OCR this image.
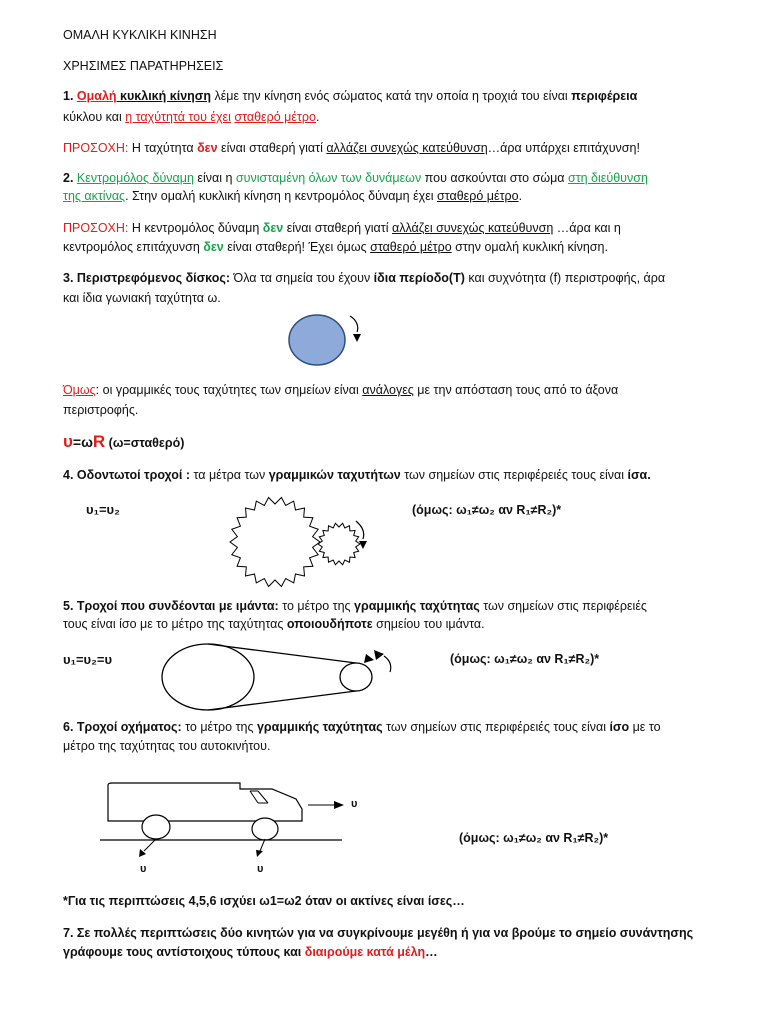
ΟΜΑΛΗ ΚΥΚΛΙΚΗ ΚΙΝΗΣΗ
ΧΡΗΣΙΜΕΣ ΠΑΡΑΤΗΡΗΣΕΙΣ
1. Ομαλή κυκλική κίνηση λέμε την κίνηση ενός σώματος κατά την οποία η τροχιά του είναι περιφέρεια
κύκλου και η ταχύτητά του έχει σταθερό μέτρο.
ΠΡΟΣΟΧΗ: Η ταχύτητα δεν είναι σταθερή γιατί αλλάζει συνεχώς κατεύθυνση…άρα υπάρχει επιτάχυνση!
2. Κεντρομόλος δύναμη είναι η συνισταμένη όλων των δυνάμεων που ασκούνται στο σώμα στη διεύθυνση
της ακτίνας. Στην ομαλή κυκλική κίνηση η κεντρομόλος δύναμη έχει σταθερό μέτρο.
ΠΡΟΣΟΧΗ: Η κεντρομόλος δύναμη δεν είναι σταθερή γιατί αλλάζει συνεχώς κατεύθυνση …άρα και η
κεντρομόλος επιτάχυνση δεν είναι σταθερή! Έχει όμως σταθερό μέτρο στην ομαλή κυκλική κίνηση.
3. Περιστρεφόμενος δίσκος: Όλα τα σημεία του έχουν ίδια περίοδο(Τ) και συχνότητα (f) περιστροφής, άρα
και ίδια γωνιακή ταχύτητα ω.
Όμως: οι γραμμικές τους ταχύτητες των σημείων είναι ανάλογες με την απόσταση τους από το άξονα
περιστροφής.
υ=ωR (ω=σταθερό)
4. Οδοντωτοί τροχοί : τα μέτρα των γραμμικών ταχυτήτων των σημείων στις περιφέρειές τους είναι ίσα.
υ₁=υ₂	(όμως: ω₁≠ω₂ αν R₁≠R₂)*
5. Τροχοί που συνδέονται με ιμάντα: το μέτρο της γραμμικής ταχύτητας των σημείων στις περιφέρειές
τους είναι ίσο με το μέτρο της ταχύτητας οποιουδήποτε σημείου του ιμάντα.
υ₁=υ₂=υ	(όμως: ω₁≠ω₂ αν R₁≠R₂)*
6. Τροχοί οχήματος: το μέτρο της γραμμικής ταχύτητας των σημείων στις περιφέρειές τους είναι ίσο με το
μέτρο της ταχύτητας του αυτοκινήτου.
υ
υ	υ
(όμως: ω₁≠ω₂ αν R₁≠R₂)*
*Για τις περιπτώσεις 4,5,6 ισχύει ω1=ω2 όταν οι ακτίνες είναι ίσες…
7. Σε πολλές περιπτώσεις δύο κινητών για να συγκρίνουμε μεγέθη ή για να βρούμε το σημείο συνάντησης
γράφουμε τους αντίστοιχους τύπους και διαιρούμε κατά μέλη…
